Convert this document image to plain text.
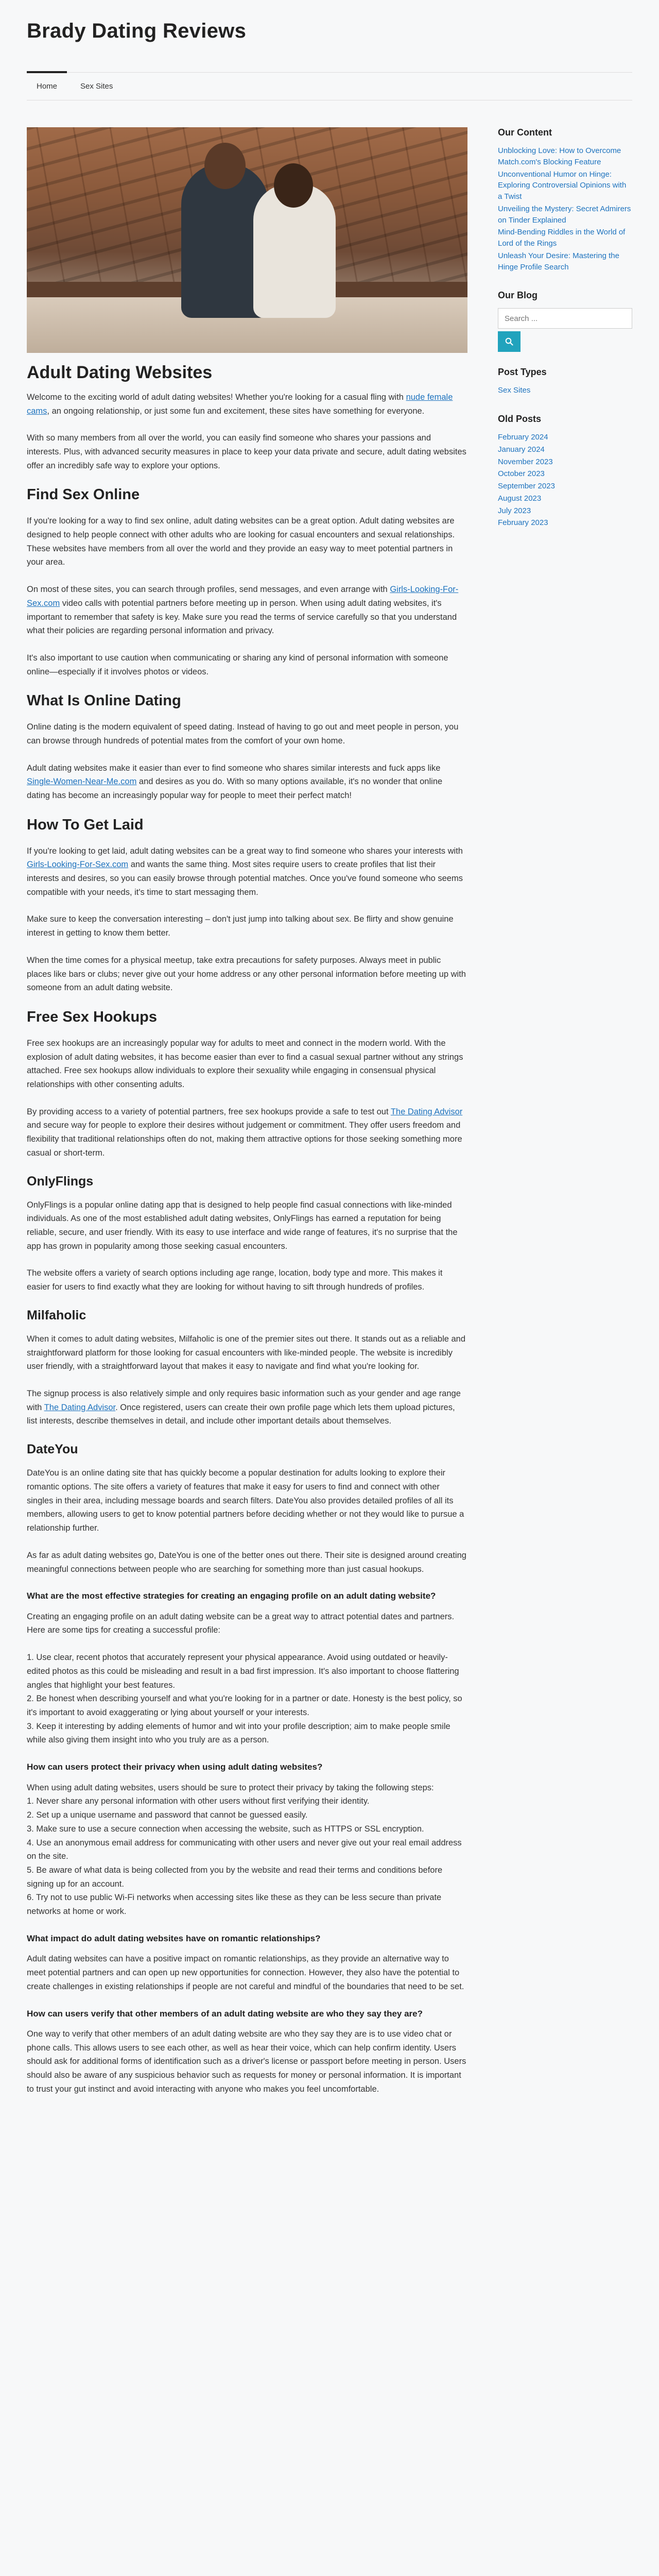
Brady Dating Reviews
Home	Sex Sites
Adult Dating Websites

Welcome to the exciting world of adult dating websites! Whether you're looking for a casual fling with nude female cams, an ongoing relationship, or just some fun and excitement, these sites have something for everyone.

With so many members from all over the world, you can easily find someone who shares your passions and interests. Plus, with advanced security measures in place to keep your data private and secure, adult dating websites offer an incredibly safe way to explore your options.

Find Sex Online

If you're looking for a way to find sex online, adult dating websites can be a great option. Adult dating websites are designed to help people connect with other adults who are looking for casual encounters and sexual relationships. These websites have members from all over the world and they provide an easy way to meet potential partners in your area.

On most of these sites, you can search through profiles, send messages, and even arrange with Girls-Looking-For-Sex.com video calls with potential partners before meeting up in person. When using adult dating websites, it's important to remember that safety is key. Make sure you read the terms of service carefully so that you understand what their policies are regarding personal information and privacy.

It's also important to use caution when communicating or sharing any kind of personal information with someone online—especially if it involves photos or videos.

What Is Online Dating

Online dating is the modern equivalent of speed dating. Instead of having to go out and meet people in person, you can browse through hundreds of potential mates from the comfort of your own home.

Adult dating websites make it easier than ever to find someone who shares similar interests and fuck apps like Single-Women-Near-Me.com and desires as you do. With so many options available, it's no wonder that online dating has become an increasingly popular way for people to meet their perfect match!

How To Get Laid

If you're looking to get laid, adult dating websites can be a great way to find someone who shares your interests with Girls-Looking-For-Sex.com and wants the same thing. Most sites require users to create profiles that list their interests and desires, so you can easily browse through potential matches. Once you've found someone who seems compatible with your needs, it's time to start messaging them.

Make sure to keep the conversation interesting – don't just jump into talking about sex. Be flirty and show genuine interest in getting to know them better.

When the time comes for a physical meetup, take extra precautions for safety purposes. Always meet in public places like bars or clubs; never give out your home address or any other personal information before meeting up with someone from an adult dating website.

Free Sex Hookups

Free sex hookups are an increasingly popular way for adults to meet and connect in the modern world. With the explosion of adult dating websites, it has become easier than ever to find a casual sexual partner without any strings attached. Free sex hookups allow individuals to explore their sexuality while engaging in consensual physical relationships with other consenting adults.

By providing access to a variety of potential partners, free sex hookups provide a safe to test out The Dating Advisor and secure way for people to explore their desires without judgement or commitment. They offer users freedom and flexibility that traditional relationships often do not, making them attractive options for those seeking something more casual or short-term.

OnlyFlings

OnlyFlings is a popular online dating app that is designed to help people find casual connections with like-minded individuals. As one of the most established adult dating websites, OnlyFlings has earned a reputation for being reliable, secure, and user friendly. With its easy to use interface and wide range of features, it's no surprise that the app has grown in popularity among those seeking casual encounters.

The website offers a variety of search options including age range, location, body type and more. This makes it easier for users to find exactly what they are looking for without having to sift through hundreds of profiles.

Milfaholic

When it comes to adult dating websites, Milfaholic is one of the premier sites out there. It stands out as a reliable and straightforward platform for those looking for casual encounters with like-minded people. The website is incredibly user friendly, with a straightforward layout that makes it easy to navigate and find what you're looking for.

The signup process is also relatively simple and only requires basic information such as your gender and age range with The Dating Advisor. Once registered, users can create their own profile page which lets them upload pictures, list interests, describe themselves in detail, and include other important details about themselves.

DateYou

DateYou is an online dating site that has quickly become a popular destination for adults looking to explore their romantic options. The site offers a variety of features that make it easy for users to find and connect with other singles in their area, including message boards and search filters. DateYou also provides detailed profiles of all its members, allowing users to get to know potential partners before deciding whether or not they would like to pursue a relationship further.

As far as adult dating websites go, DateYou is one of the better ones out there. Their site is designed around creating meaningful connections between people who are searching for something more than just casual hookups.

What are the most effective strategies for creating an engaging profile on an adult dating website?

Creating an engaging profile on an adult dating website can be a great way to attract potential dates and partners. Here are some tips for creating a successful profile:

1. Use clear, recent photos that accurately represent your physical appearance. Avoid using outdated or heavily-edited photos as this could be misleading and result in a bad first impression. It's also important to choose flattering angles that highlight your best features.
2. Be honest when describing yourself and what you're looking for in a partner or date. Honesty is the best policy, so it's important to avoid exaggerating or lying about yourself or your interests.
3. Keep it interesting by adding elements of humor and wit into your profile description; aim to make people smile while also giving them insight into who you truly are as a person.

How can users protect their privacy when using adult dating websites?

When using adult dating websites, users should be sure to protect their privacy by taking the following steps:
1. Never share any personal information with other users without first verifying their identity.
2. Set up a unique username and password that cannot be guessed easily.
3. Make sure to use a secure connection when accessing the website, such as HTTPS or SSL encryption.
4. Use an anonymous email address for communicating with other users and never give out your real email address on the site.
5. Be aware of what data is being collected from you by the website and read their terms and conditions before signing up for an account.
6. Try not to use public Wi-Fi networks when accessing sites like these as they can be less secure than private networks at home or work.

What impact do adult dating websites have on romantic relationships?

Adult dating websites can have a positive impact on romantic relationships, as they provide an alternative way to meet potential partners and can open up new opportunities for connection. However, they also have the potential to create challenges in existing relationships if people are not careful and mindful of the boundaries that need to be set.

How can users verify that other members of an adult dating website are who they say they are?

One way to verify that other members of an adult dating website are who they say they are is to use video chat or phone calls. This allows users to see each other, as well as hear their voice, which can help confirm identity. Users should ask for additional forms of identification such as a driver's license or passport before meeting in person. Users should also be aware of any suspicious behavior such as requests for money or personal information. It is important to trust your gut instinct and avoid interacting with anyone who makes you feel uncomfortable.

Our Content
Unblocking Love: How to Overcome Match.com's Blocking Feature
Unconventional Humor on Hinge: Exploring Controversial Opinions with a Twist
Unveiling the Mystery: Secret Admirers on Tinder Explained
Mind-Bending Riddles in the World of Lord of the Rings
Unleash Your Desire: Mastering the Hinge Profile Search
Our Blog
Search ...
Post Types
Sex Sites
Old Posts
February 2024
January 2024
November 2023
October 2023
September 2023
August 2023
July 2023
February 2023
